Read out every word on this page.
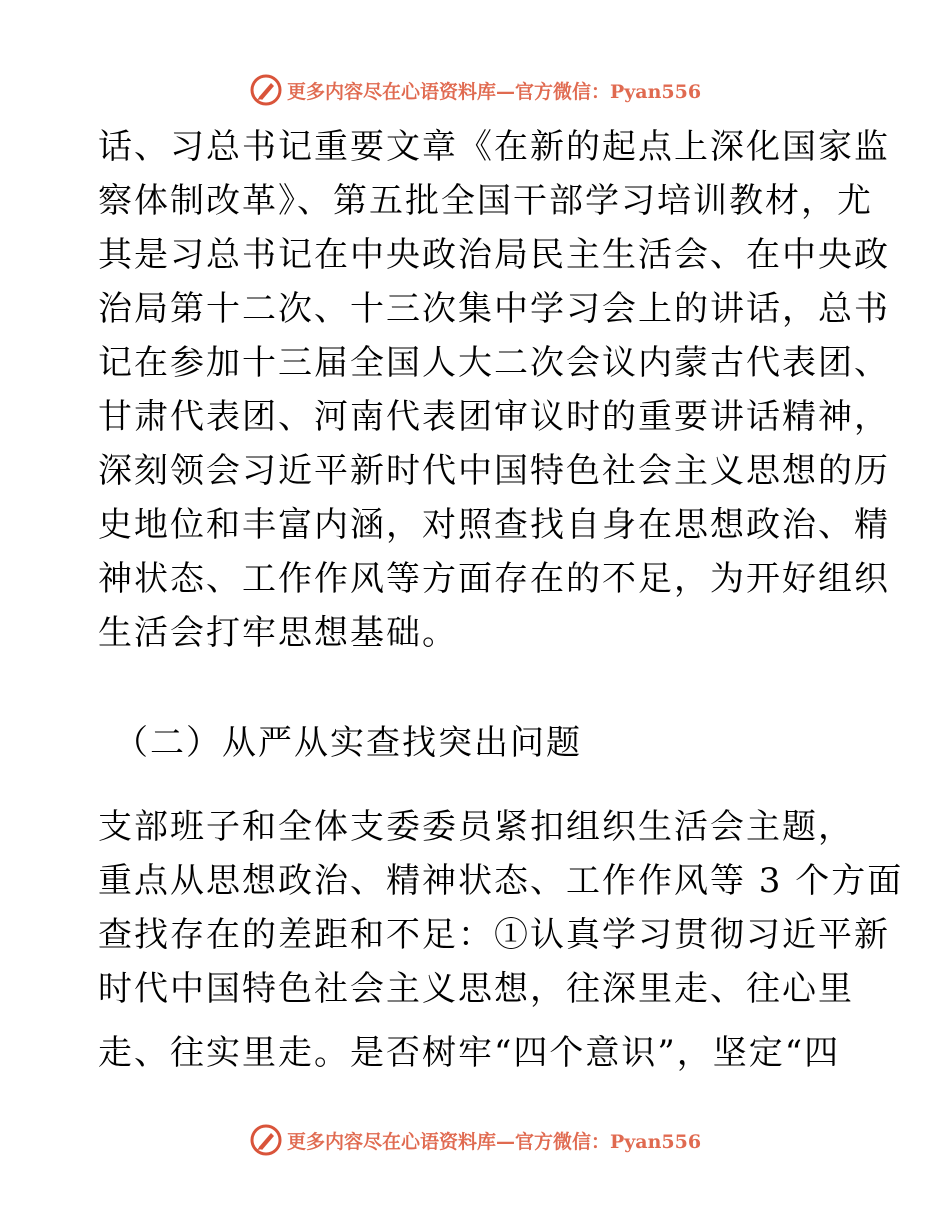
更多内容尽在心语资料库—官方微信：Pyan556
话、习总书记重要文章《在新的起点上深化国家监
察体制改革》、第五批全国干部学习培训教材，尤
其是习总书记在中央政治局民主生活会、在中央政
治局第十二次、十三次集中学习会上的讲话，总书
记在参加十三届全国人大二次会议内蒙古代表团、
甘肃代表团、河南代表团审议时的重要讲话精神，
深刻领会习近平新时代中国特色社会主义思想的历
史地位和丰富内涵，对照查找自身在思想政治、精
神状态、工作作风等方面存在的不足，为开好组织
生活会打牢思想基础。
（二）从严从实查找突出问题
支部班子和全体支委委员紧扣组织生活会主题，
重点从思想政治、精神状态、工作作风等 3 个方面
查找存在的差距和不足：①认真学习贯彻习近平新
时代中国特色社会主义思想，往深里走、往心里
走、往实里走。是否树牢“四个意识”，坚定“四
更多内容尽在心语资料库—官方微信：Pyan556
